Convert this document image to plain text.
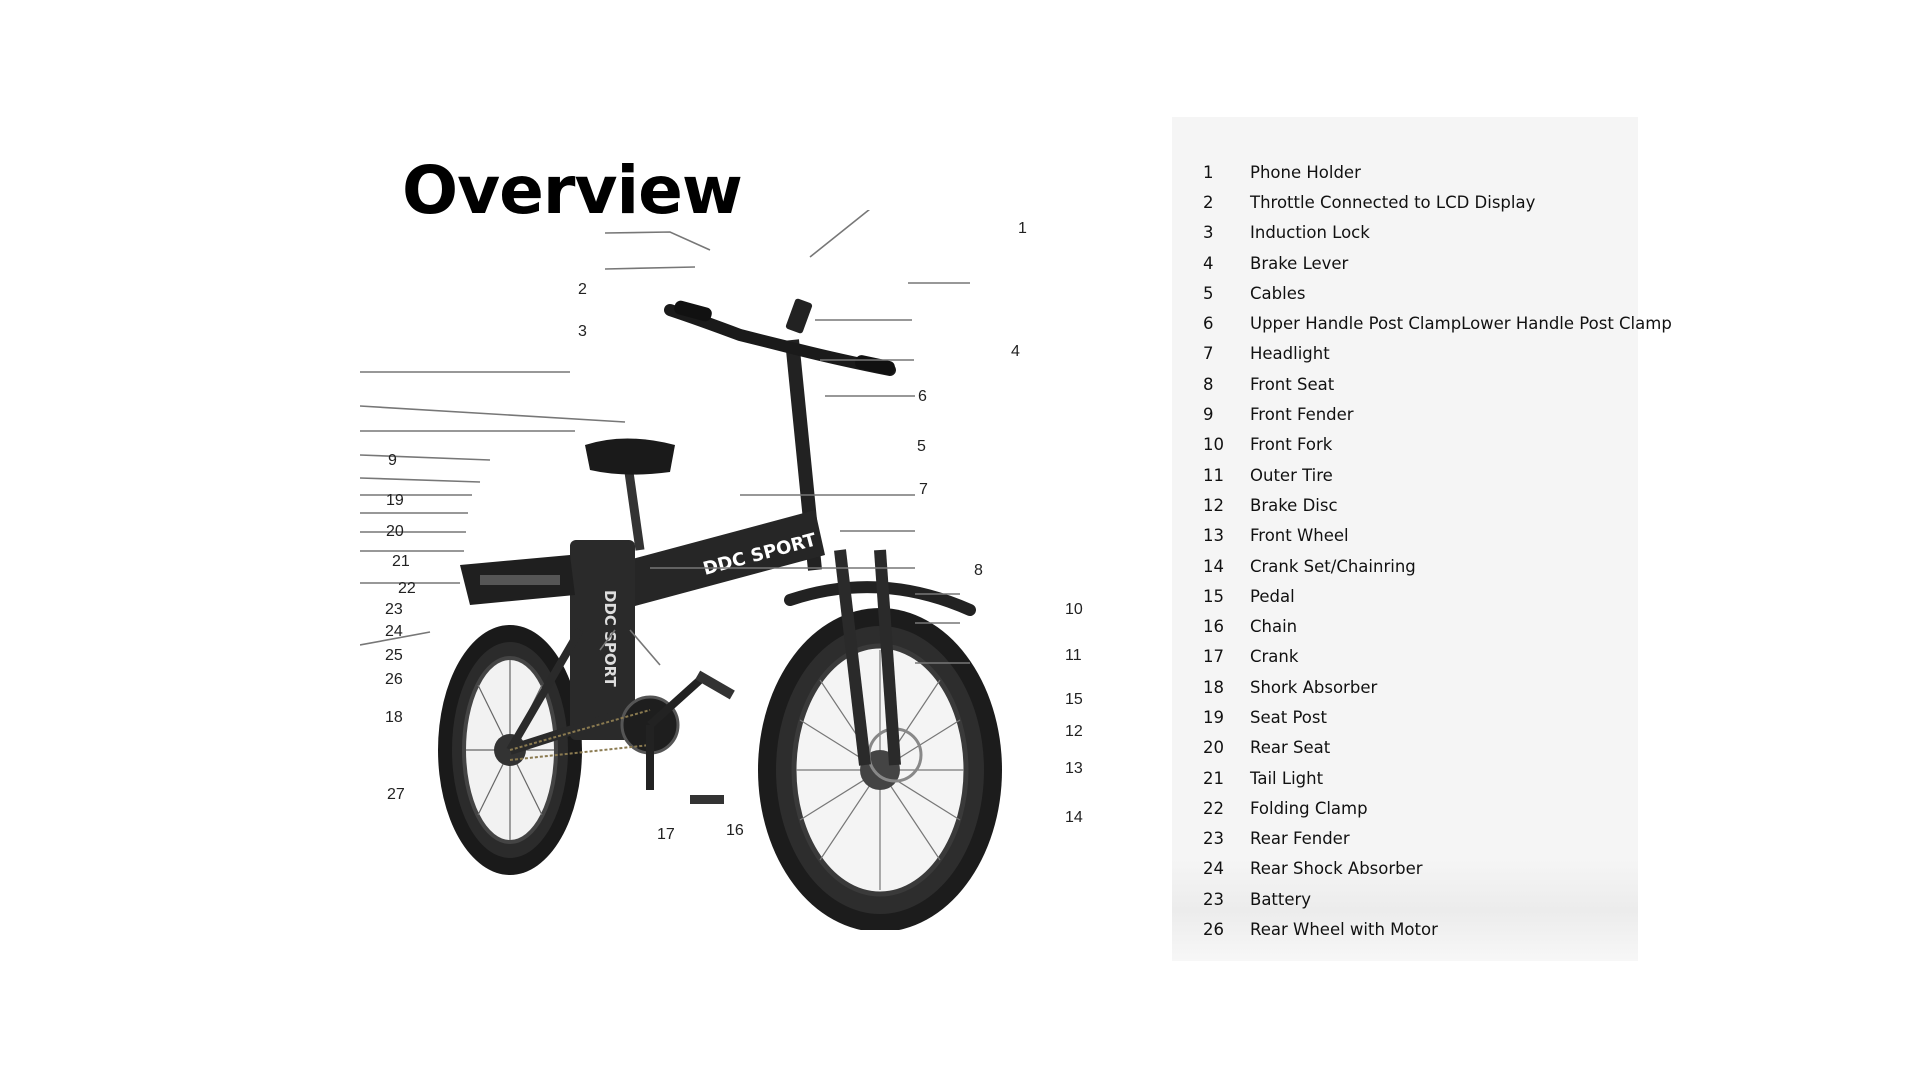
Overview
DDC SPORT
DDC SPORT
1
2
3
4
6
5
7
9
19
20
21
8
22
23	10
24
25	11
26
15
18
12
13
27
14
16
17
1	Phone Holder
2	Throttle Connected to LCD Display
3	Induction Lock
4	Brake Lever
5	Cables
6	Upper Handle Post ClampLower Handle Post Clamp
7	Headlight
8	Front Seat
9	Front Fender
10	Front Fork
11	Outer Tire
12	Brake Disc
13	Front Wheel
14	Crank Set/Chainring
15	Pedal
16	Chain
17	Crank
18	Shork Absorber
19	Seat Post
20	Rear Seat
21	Tail Light
22	Folding Clamp
23	Rear Fender
24	Rear Shock Absorber
23	Battery
26	Rear Wheel with Motor
